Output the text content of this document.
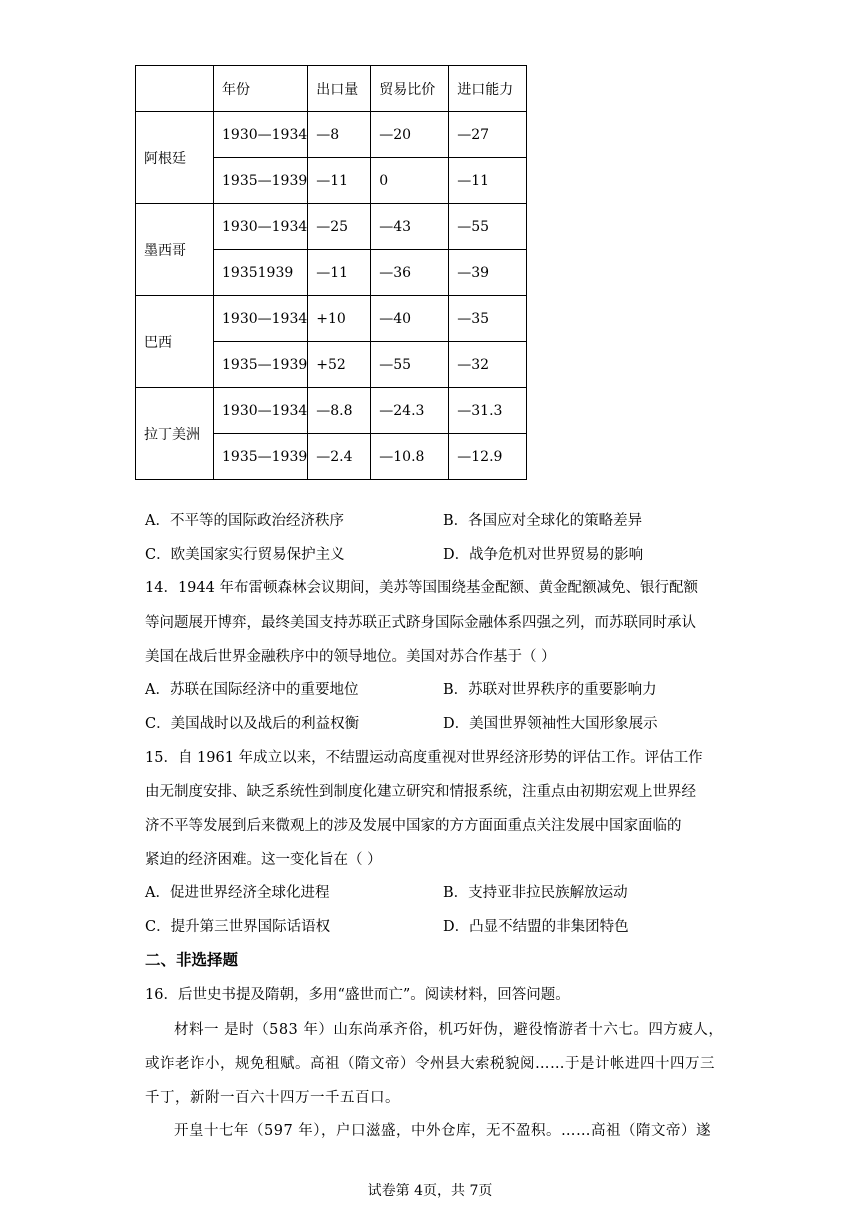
	年份	出口量	贸易比价	进口能力
阿根廷	1930—1934	—8	—20	—27
	1935—1939	—11	0	—11
墨西哥	1930—1934	—25	—43	—55
	19351939	—11	—36	—39
巴西	1930—1934	+10	—40	—35
	1935—1939	+52	—55	—32
拉丁美洲	1930—1934	—8.8	—24.3	—31.3
	1935—1939	—2.4	—10.8	—12.9
A．不平等的国际政治经济秩序	B．各国应对全球化的策略差异
C．欧美国家实行贸易保护主义	D．战争危机对世界贸易的影响
14．1944 年布雷顿森林会议期间，美苏等国围绕基金配额、黄金配额减免、银行配额
等问题展开博弈，最终美国支持苏联正式跻身国际金融体系四强之列，而苏联同时承认
美国在战后世界金融秩序中的领导地位。美国对苏合作基于（ ）
A．苏联在国际经济中的重要地位	B．苏联对世界秩序的重要影响力
C．美国战时以及战后的利益权衡	D．美国世界领袖性大国形象展示
15．自 1961 年成立以来，不结盟运动高度重视对世界经济形势的评估工作。评估工作
由无制度安排、缺乏系统性到制度化建立研究和情报系统，注重点由初期宏观上世界经
济不平等发展到后来微观上的涉及发展中国家的方方面面重点关注发展中国家面临的
紧迫的经济困难。这一变化旨在（ ）
A．促进世界经济全球化进程	B．支持亚非拉民族解放运动
C．提升第三世界国际话语权	D．凸显不结盟的非集团特色
二、非选择题
16．后世史书提及隋朝，多用“盛世而亡”。阅读材料，回答问题。
材料一 是时（583 年）山东尚承齐俗，机巧奸伪，避役惰游者十六七。四方疲人，
或诈老诈小，规免租赋。高祖（隋文帝）令州县大索税貌阅……于是计帐进四十四万三
千丁，新附一百六十四万一千五百口。
开皇十七年（597 年），户口滋盛，中外仓库，无不盈积。……高祖（隋文帝）遂
试卷第 4页，共 7页
